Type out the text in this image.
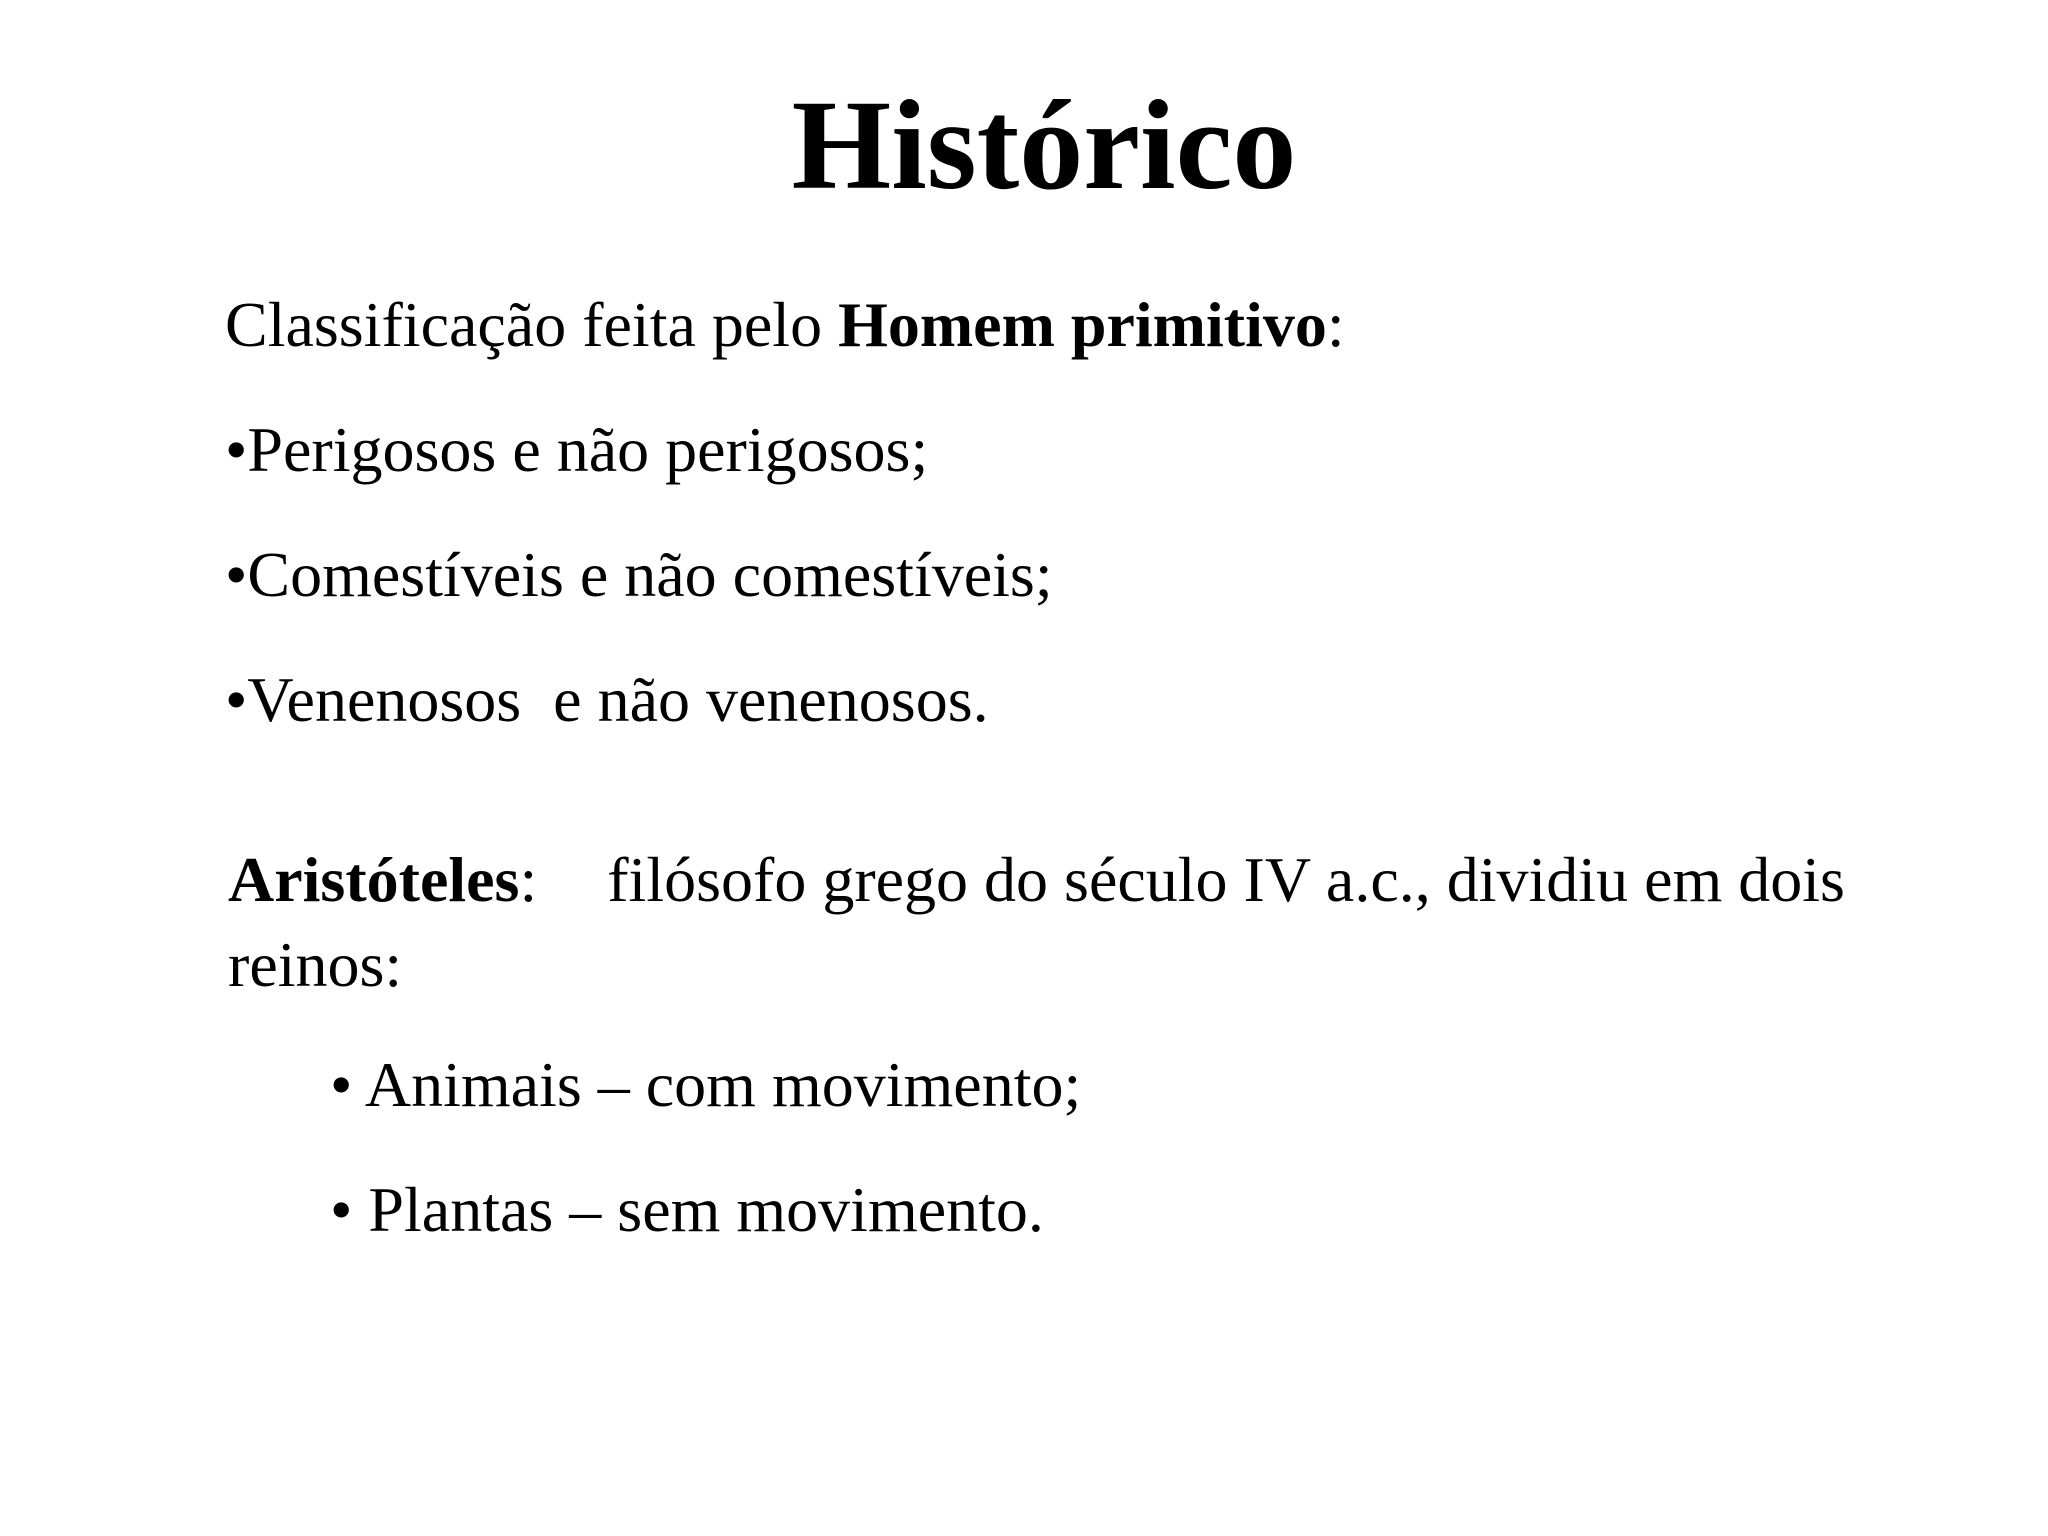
Histórico
Classificação feita pelo Homem primitivo:
•Perigosos e não perigosos;
•Comestíveis e não comestíveis;
•Venenosos  e não venenosos.
Aristóteles: filósofo grego do século IV a.c., dividiu em dois
reinos:
• Animais – com movimento;
• Plantas – sem movimento.
